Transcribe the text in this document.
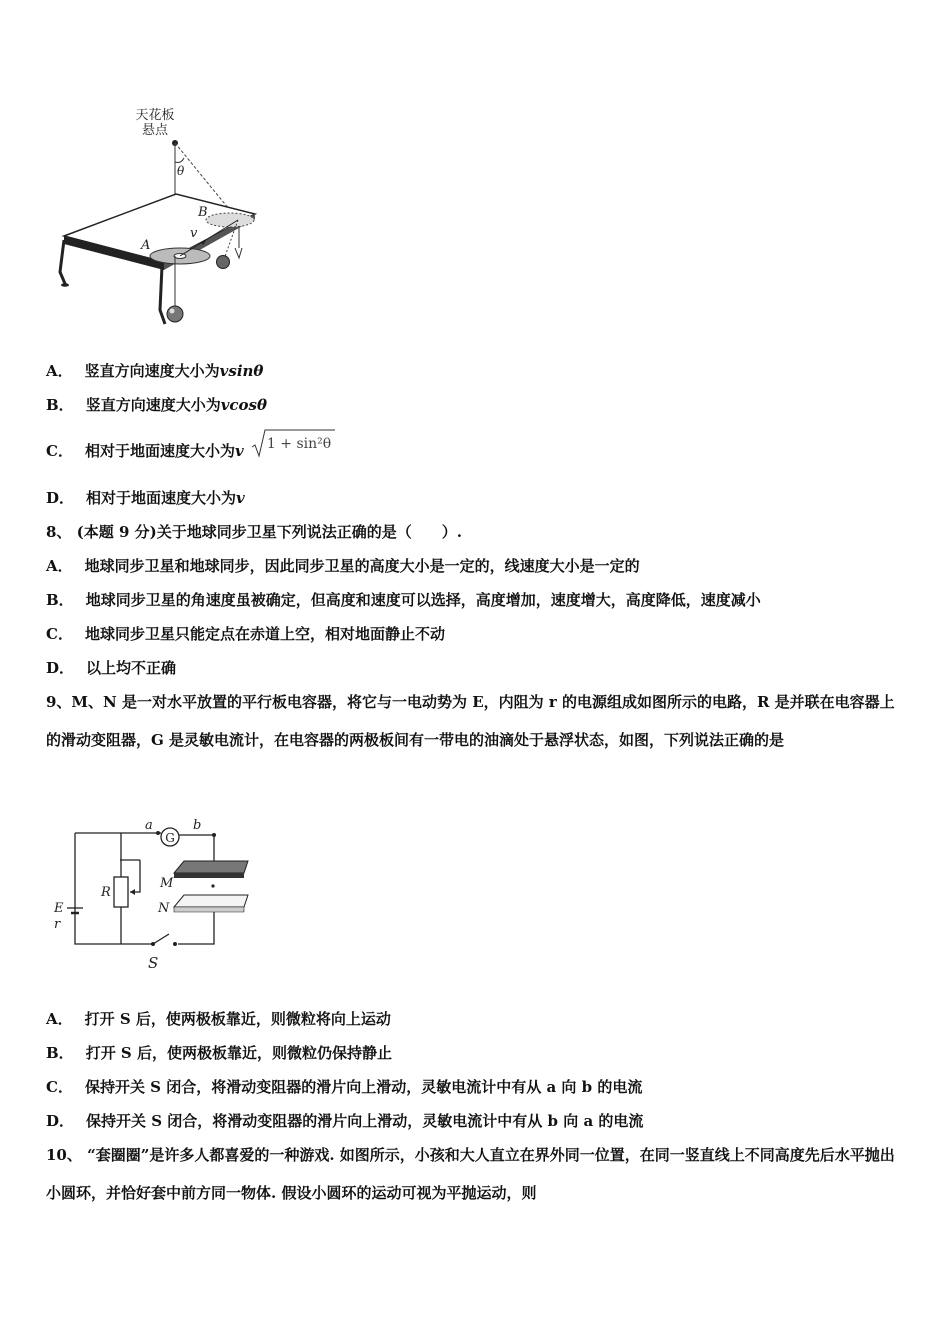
天花板
悬点
θ
A
B
v
A． 竖直方向速度大小为vsinθ
B． 竖直方向速度大小为vcosθ
C． 相对于地面速度大小为v 1 + sin²θ
D． 相对于地面速度大小为v
8、 (本题 9 分)关于地球同步卫星下列说法正确的是（　　）.
A． 地球同步卫星和地球同步，因此同步卫星的高度大小是一定的，线速度大小是一定的
B． 地球同步卫星的角速度虽被确定，但高度和速度可以选择，高度增加，速度增大，高度降低，速度减小
C． 地球同步卫星只能定点在赤道上空，相对地面静止不动
D． 以上均不正确
9、M、N 是一对水平放置的平行板电容器，将它与一电动势为 E，内阻为 r 的电源组成如图所示的电路，R 是并联在电容器上的滑动变阻器，G 是灵敏电流计，在电容器的两极板间有一带电的油滴处于悬浮状态，如图，下列说法正确的是
G
a	b
M
N
R
E
r
S
A． 打开 S 后，使两极板靠近，则微粒将向上运动
B． 打开 S 后，使两极板靠近，则微粒仍保持静止
C． 保持开关 S 闭合，将滑动变阻器的滑片向上滑动，灵敏电流计中有从 a 向 b 的电流
D． 保持开关 S 闭合，将滑动变阻器的滑片向上滑动，灵敏电流计中有从 b 向 a 的电流
10、 “套圈圈”是许多人都喜爱的一种游戏. 如图所示，小孩和大人直立在界外同一位置，在同一竖直线上不同高度先后水平抛出小圆环，并恰好套中前方同一物体. 假设小圆环的运动可视为平抛运动，则
